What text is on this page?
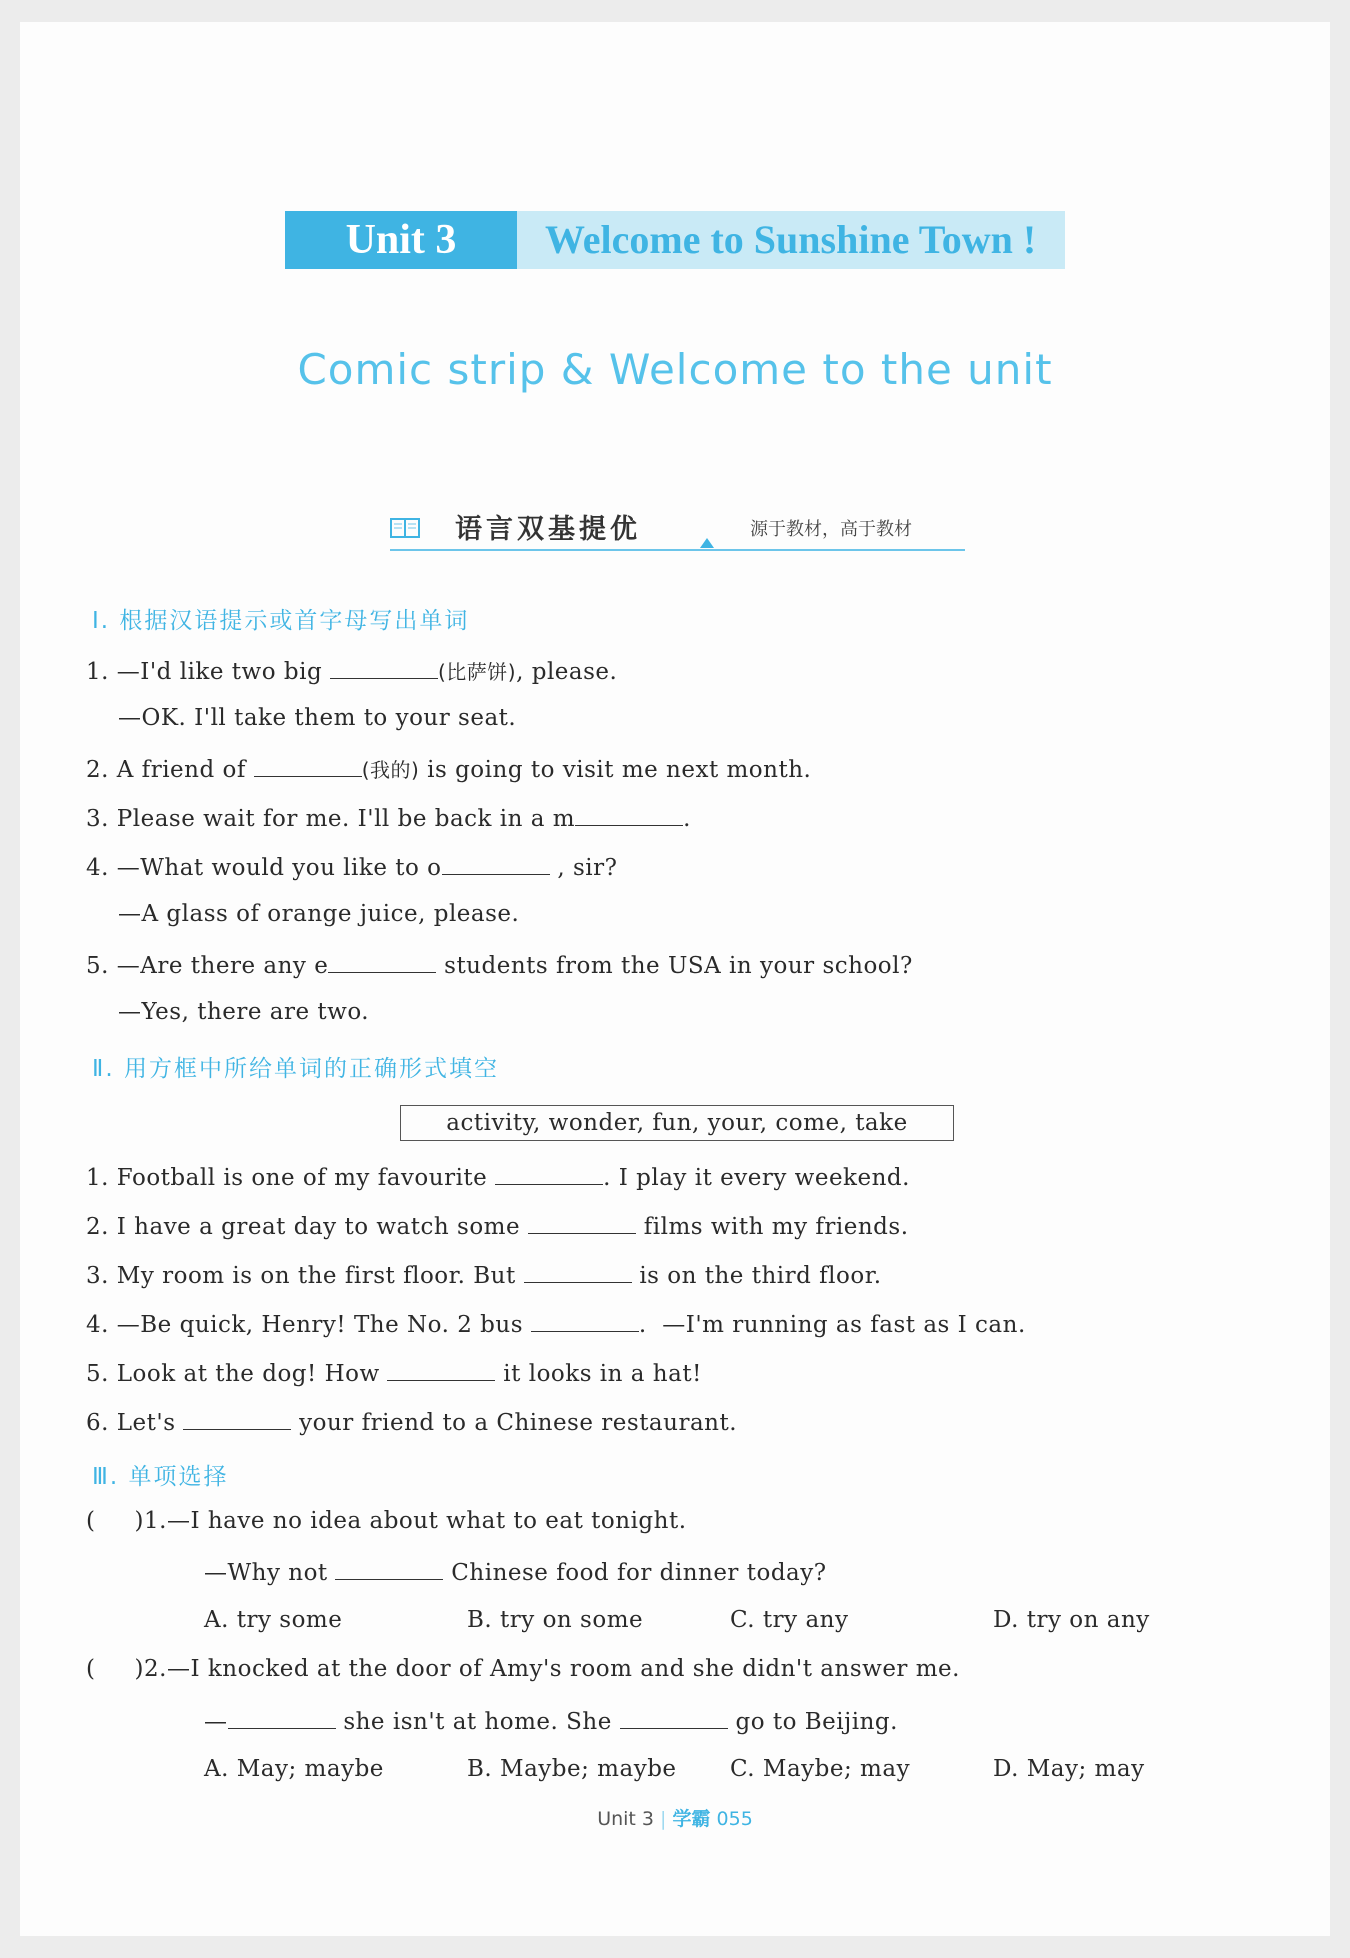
Unit 3	Welcome to Sunshine Town !
Comic strip & Welcome to the unit
语言双基提优	源于教材，高于教材
Ⅰ. 根据汉语提示或首字母写出单词
1. —I'd like two big	(比萨饼), please.
—OK. I'll take them to your seat.
2. A friend of	(我的) is going to visit me next month.
3. Please wait for me. I'll be back in a m	.
4. —What would you like to o	, sir?
—A glass of orange juice, please.
5. —Are there any e	students from the USA in your school?
—Yes, there are two.
Ⅱ. 用方框中所给单词的正确形式填空
activity, wonder, fun, your, come, take
1. Football is one of my favourite	. I play it every weekend.
2. I have a great day to watch some	films with my friends.
3. My room is on the first floor. But	is on the third floor.
4. —Be quick, Henry! The No. 2 bus	. —I'm running as fast as I can.
5. Look at the dog! How	it looks in a hat!
6. Let's	your friend to a Chinese restaurant.
Ⅲ. 单项选择
(     )1.—I have no idea about what to eat tonight.
—Why not	Chinese food for dinner today?
A. try some	B. try on some	C. try any	D. try on any
(     )2.—I knocked at the door of Amy's room and she didn't answer me.
—	she isn't at home. She	go to Beijing.
A. May; maybe	B. Maybe; maybe C. Maybe; may	D. May; may
Unit 3 | 学霸 055
